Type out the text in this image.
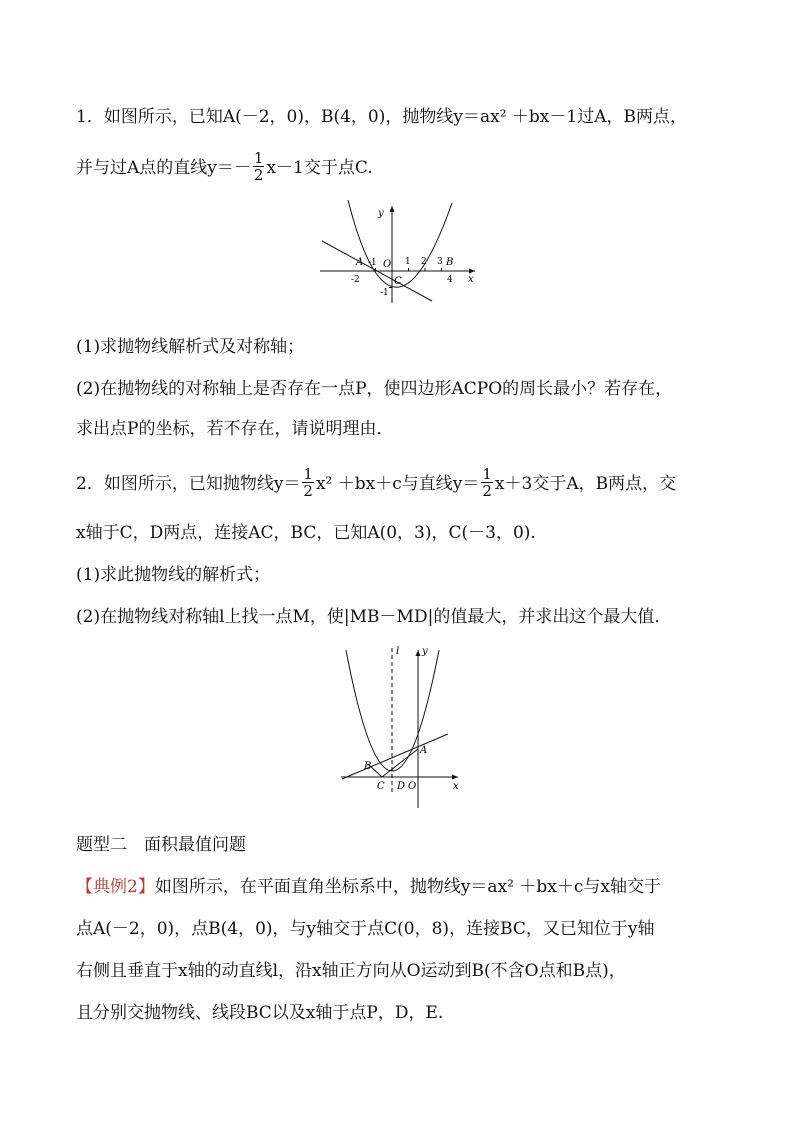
1．如图所示，已知A(－2，0)，B(4，0)，抛物线y＝ax² ＋bx－1过A，B两点，
并与过A点的直线$y=- \frac{1}{2} x-1$交于点C.
y
x
A	B
C
O
-1	1 2 3
4
-2
-1
(1)求抛物线解析式及对称轴；
(2)在抛物线的对称轴上是否存在一点P，使四边形ACPO的周长最小？若存在，
求出点P的坐标，若不存在，请说明理由．
2．如图所示，已知抛物线$y= \frac{1}{2} x^2 +bx+c$与直线$y= \frac{1}{2} x+3$交于A，B两点，交
x轴于C，D两点，连接AC，BC，已知A(0，3)，C(－3，0).
(1)求此抛物线的解析式；
(2)在抛物线对称轴l上找一点M，使|MB－MD|的值最大，并求出这个最大值．
l y
x
A
B
C D O
题型二　面积最值问题
【典例2】如图所示，在平面直角坐标系中，抛物线y＝ax² ＋bx＋c与x轴交于
点A(－2，0)，点B(4，0)，与y轴交于点C(0，8)，连接BC，又已知位于y轴
右侧且垂直于x轴的动直线l，沿x轴正方向从O运动到B(不含O点和B点)，
且分别交抛物线、线段BC以及x轴于点P，D，E.
